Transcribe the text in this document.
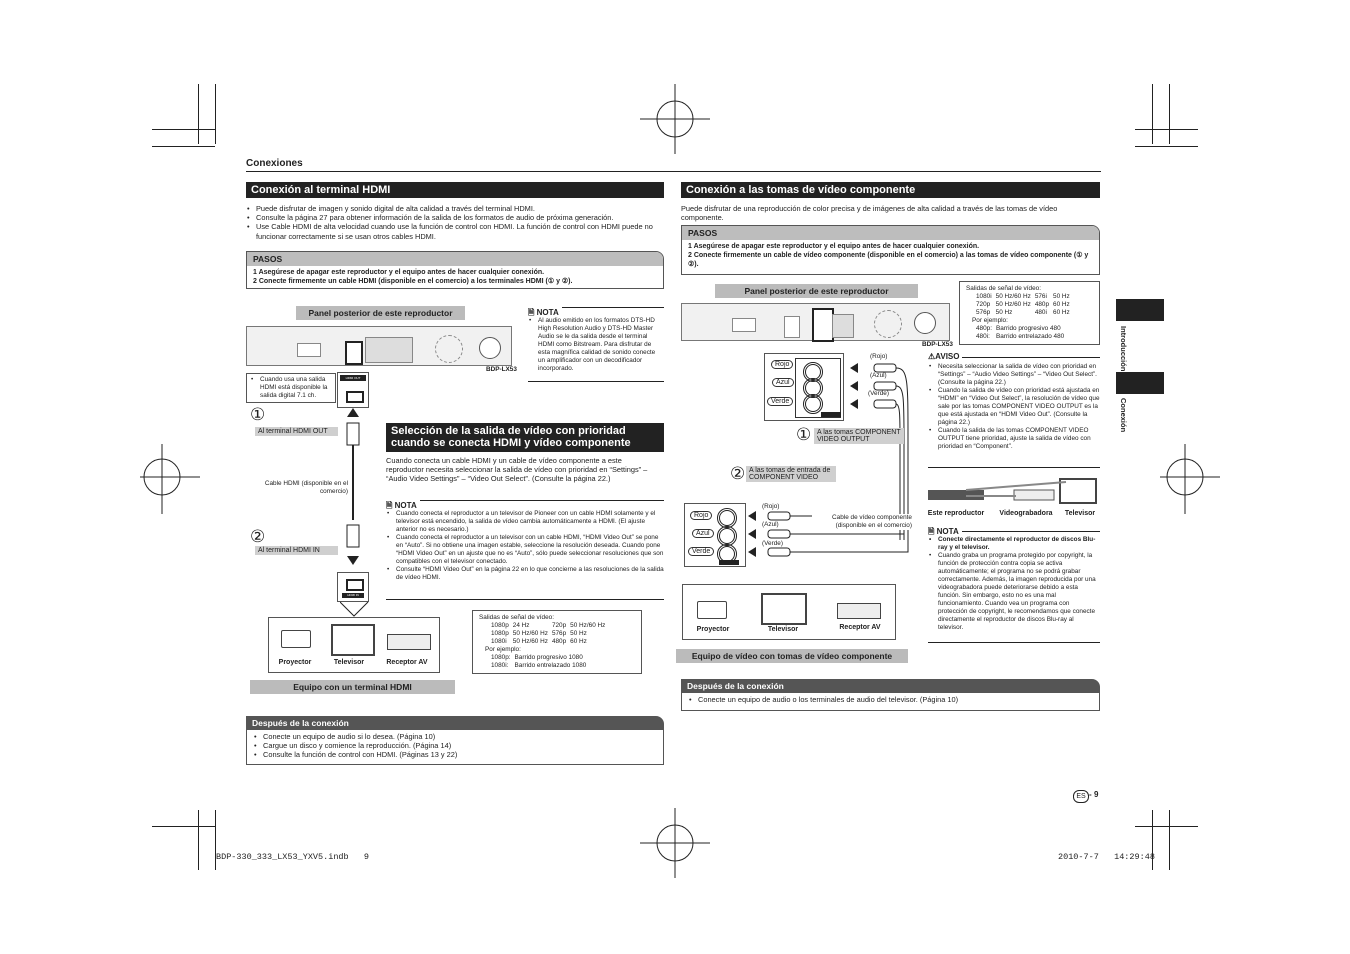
Conexiones
Conexión al terminal HDMI
• Puede disfrutar de imagen y sonido digital de alta calidad a través del terminal HDMI.
• Consulte la página 27 para obtener información de la salida de los formatos de audio de próxima generación.
• Use Cable HDMI de alta velocidad cuando use la función de control con HDMI. La función de control con HDMI puede no funcionar correctamente si se usan otros cables HDMI.
PASOS
1 Asegúrese de apagar este reproductor y el equipo antes de hacer cualquier conexión.
2 Conecte firmemente un cable HDMI (disponible en el comercio) a los terminales HDMI (① y ②).
Panel posterior de este reproductor
BDP-LX53
• Cuando usa una salida HDMI está disponible la salida digital 7.1 ch.
HDMI OUT
①
Al terminal HDMI OUT
Cable HDMI (disponible en el comercio)
②
Al terminal HDMI IN
HDMI IN
Proyector	Televisor	Receptor AV
Equipo con un terminal HDMI
🗎 NOTA
• Al audio emitido en los formatos DTS-HD High Resolution Audio y DTS-HD Master Audio se le da salida desde el terminal HDMI como Bitstream. Para disfrutar de esta magnífica calidad de sonido conecte un amplificador con un decodificador incorporado.
Selección de la salida de vídeo con prioridad cuando se conecta HDMI y vídeo componente
Cuando conecta un cable HDMI y un cable de vídeo componente a este reproductor necesita seleccionar la salida de vídeo con prioridad en “Settings” – “Audio Video Settings” – “Video Out Select”. (Consulte la página 22.)
🗎 NOTA
• Cuando conecta el reproductor a un televisor de Pioneer con un cable HDMI solamente y el televisor está encendido, la salida de vídeo cambia automáticamente a HDMI. (El ajuste anterior no es necesario.)
• Cuando conecta el reproductor a un televisor con un cable HDMI, “HDMI Video Out” se pone en “Auto”. Si no obtiene una imagen estable, seleccione la resolución deseada. Cuando pone “HDMI Video Out” en un ajuste que no es “Auto”, sólo puede seleccionar resoluciones que son compatibles con el televisor conectado.
• Consulte “HDMI Video Out” en la página 22 en lo que concierne a las resoluciones de la salida de vídeo HDMI.
Salidas de señal de vídeo:
1080p	24 Hz	720p	50 Hz/60 Hz
1080p	50 Hz/60 Hz	576p	50 Hz
1080i	50 Hz/60 Hz	480p	60 Hz
Por ejemplo:
1080p:	Barrido progresivo 1080
1080i:	Barrido entrelazado 1080
Después de la conexión
• Conecte un equipo de audio si lo desea. (Página 10)
• Cargue un disco y comience la reproducción. (Página 14)
• Consulte la función de control con HDMI. (Páginas 13 y 22)
Conexión a las tomas de vídeo componente
Puede disfrutar de una reproducción de color precisa y de imágenes de alta calidad a través de las tomas de vídeo componente.
PASOS
1 Asegúrese de apagar este reproductor y el equipo antes de hacer cualquier conexión.
2 Conecte firmemente un cable de vídeo componente (disponible en el comercio) a las tomas de vídeo componente (① y ②).
Panel posterior de este reproductor
BDP-LX53
Salidas de señal de vídeo:
1080i	50 Hz/60 Hz	576i	50 Hz
720p	50 Hz/60 Hz	480p	60 Hz
576p	50 Hz	480i	60 Hz
Por ejemplo:
480p:	Barrido progresivo 480
480i:	Barrido entrelazado 480
Rojo
Azul
Verde
(Rojo)
(Azul)
(Verde)
① A las tomas COMPONENT VIDEO OUTPUT
② A las tomas de entrada de COMPONENT VIDEO
Rojo
Azul
Verde
(Rojo)
(Azul)
(Verde)
Cable de vídeo componente (disponible en el comercio)
Proyector	Televisor	Receptor AV
Equipo de vídeo con tomas de vídeo componente
⚠AVISO
• Necesita seleccionar la salida de vídeo con prioridad en “Settings” – “Audio Video Settings” – “Video Out Select”. (Consulte la página 22.)
• Cuando la salida de vídeo con prioridad está ajustada en “HDMI” en “Video Out Select”, la resolución de vídeo que sale por las tomas COMPONENT VIDEO OUTPUT es la que está ajustada en “HDMI Video Out”. (Consulte la página 22.)
• Cuando la salida de las tomas COMPONENT VIDEO OUTPUT tiene prioridad, ajuste la salida de vídeo con prioridad en “Component”.
Este reproductor	Videograbadora	Televisor
🗎 NOTA
• Conecte directamente el reproductor de discos Blu-ray y el televisor.
• Cuando graba un programa protegido por copyright, la función de protección contra copia se activa automáticamente; el programa no se podrá grabar correctamente. Además, la imagen reproducida por una videograbadora puede deteriorarse debido a esta función. Sin embargo, esto no es una mal funcionamiento. Cuando vea un programa con protección de copyright, le recomendamos que conecte directamente el reproductor de discos Blu-ray al televisor.
Después de la conexión
• Conecte un equipo de audio o los terminales de audio del televisor. (Página 10)
Introducción
Conexión
ES - 9
BDP-330_333_LX53_YXV5.indb   9	2010-7-7   14:29:48
